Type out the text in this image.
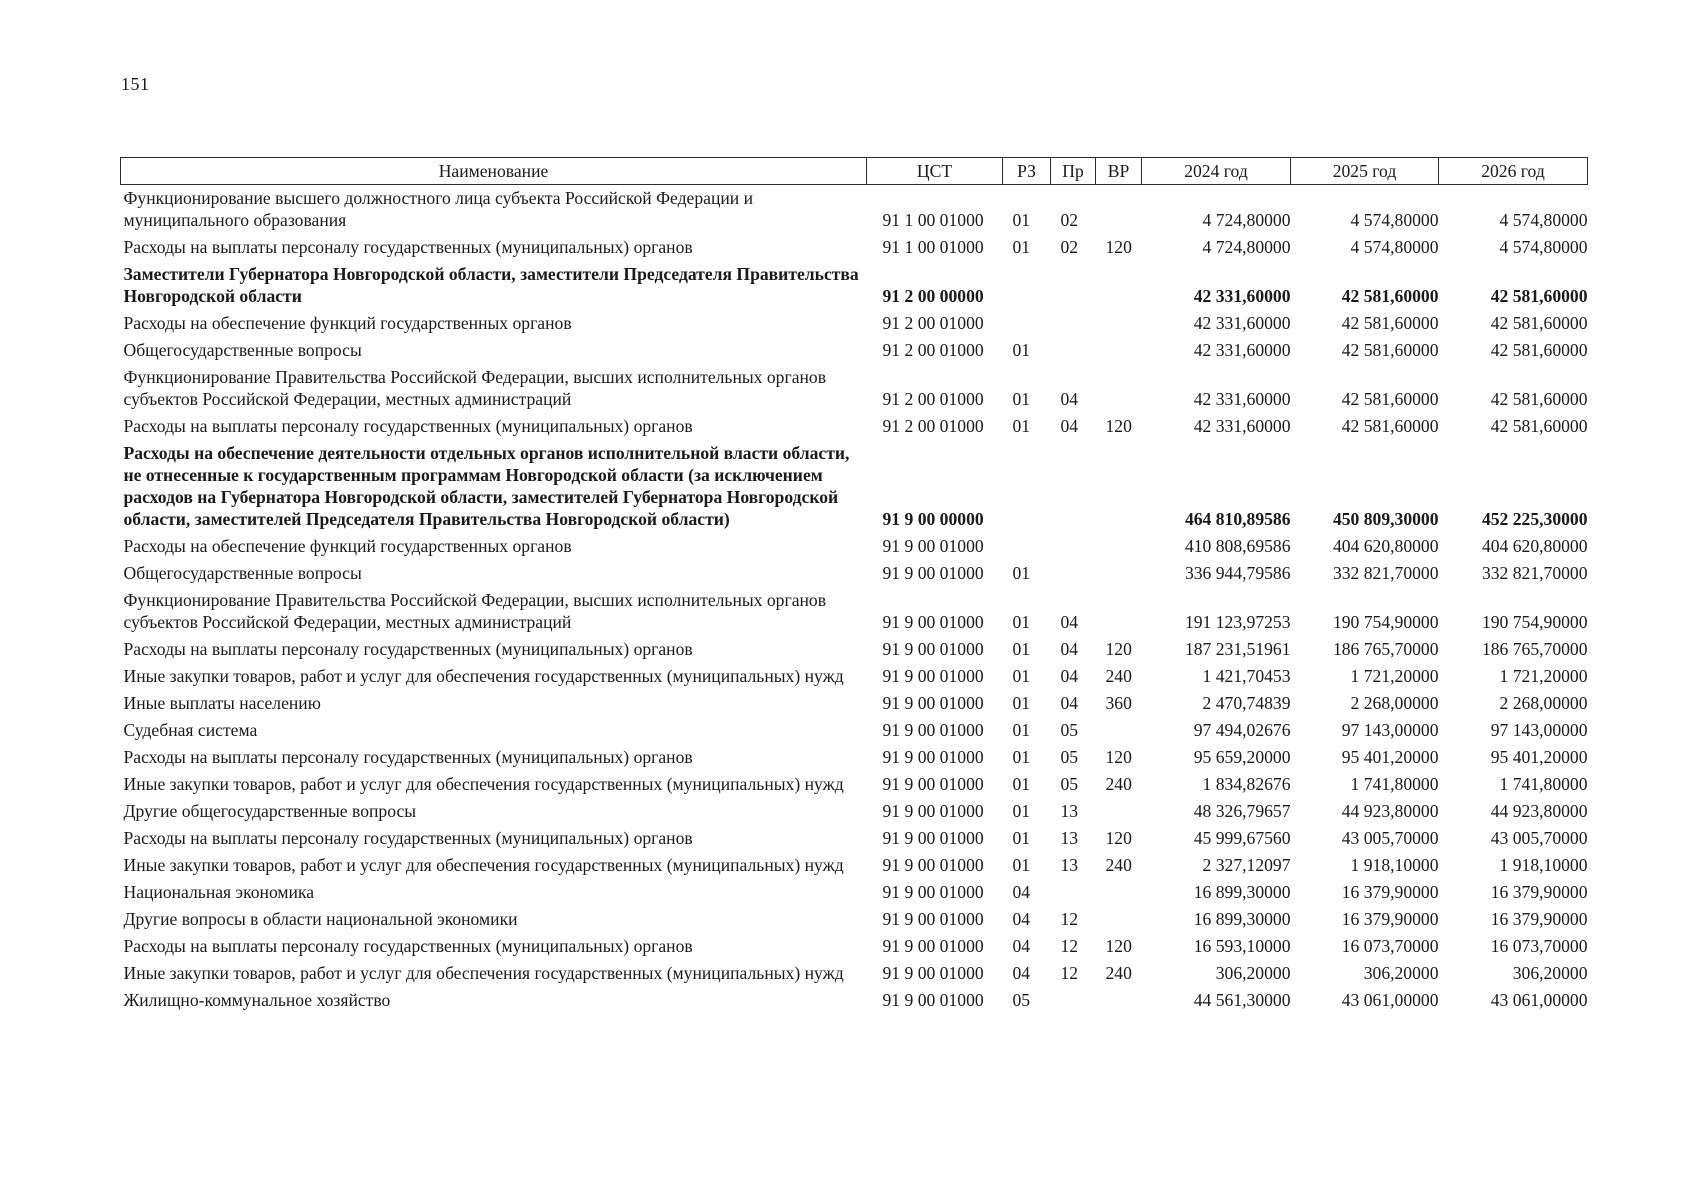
151
Наименование	ЦСТ	РЗ	Пр	ВР	2024 год	2025 год	2026 год
Функционирование высшего должностного лица субъекта Российской Федерации и муниципального образования	91 1 00 01000	01	02		4 724,80000	4 574,80000	4 574,80000
Расходы на выплаты персоналу государственных (муниципальных) органов	91 1 00 01000	01	02	120	4 724,80000	4 574,80000	4 574,80000
Заместители Губернатора Новгородской области, заместители Председателя Правительства Новгородской области	91 2 00 00000				42 331,60000	42 581,60000	42 581,60000
Расходы на обеспечение функций государственных органов	91 2 00 01000				42 331,60000	42 581,60000	42 581,60000
Общегосударственные вопросы	91 2 00 01000	01			42 331,60000	42 581,60000	42 581,60000
Функционирование Правительства Российской Федерации, высших исполнительных органов субъектов Российской Федерации, местных администраций	91 2 00 01000	01	04		42 331,60000	42 581,60000	42 581,60000
Расходы на выплаты персоналу государственных (муниципальных) органов	91 2 00 01000	01	04	120	42 331,60000	42 581,60000	42 581,60000
Расходы на обеспечение деятельности отдельных органов исполнительной власти области, не отнесенные к государственным программам Новгородской области (за исключением расходов на Губернатора Новгородской области, заместителей Губернатора Новгородской области, заместителей Председателя Правительства Новгородской области)	91 9 00 00000				464 810,89586	450 809,30000	452 225,30000
Расходы на обеспечение функций государственных органов	91 9 00 01000				410 808,69586	404 620,80000	404 620,80000
Общегосударственные вопросы	91 9 00 01000	01			336 944,79586	332 821,70000	332 821,70000
Функционирование Правительства Российской Федерации, высших исполнительных органов субъектов Российской Федерации, местных администраций	91 9 00 01000	01	04		191 123,97253	190 754,90000	190 754,90000
Расходы на выплаты персоналу государственных (муниципальных) органов	91 9 00 01000	01	04	120	187 231,51961	186 765,70000	186 765,70000
Иные закупки товаров, работ и услуг для обеспечения государственных (муниципальных) нужд	91 9 00 01000	01	04	240	1 421,70453	1 721,20000	1 721,20000
Иные выплаты населению	91 9 00 01000	01	04	360	2 470,74839	2 268,00000	2 268,00000
Судебная система	91 9 00 01000	01	05		97 494,02676	97 143,00000	97 143,00000
Расходы на выплаты персоналу государственных (муниципальных) органов	91 9 00 01000	01	05	120	95 659,20000	95 401,20000	95 401,20000
Иные закупки товаров, работ и услуг для обеспечения государственных (муниципальных) нужд	91 9 00 01000	01	05	240	1 834,82676	1 741,80000	1 741,80000
Другие общегосударственные вопросы	91 9 00 01000	01	13		48 326,79657	44 923,80000	44 923,80000
Расходы на выплаты персоналу государственных (муниципальных) органов	91 9 00 01000	01	13	120	45 999,67560	43 005,70000	43 005,70000
Иные закупки товаров, работ и услуг для обеспечения государственных (муниципальных) нужд	91 9 00 01000	01	13	240	2 327,12097	1 918,10000	1 918,10000
Национальная экономика	91 9 00 01000	04			16 899,30000	16 379,90000	16 379,90000
Другие вопросы в области национальной экономики	91 9 00 01000	04	12		16 899,30000	16 379,90000	16 379,90000
Расходы на выплаты персоналу государственных (муниципальных) органов	91 9 00 01000	04	12	120	16 593,10000	16 073,70000	16 073,70000
Иные закупки товаров, работ и услуг для обеспечения государственных (муниципальных) нужд	91 9 00 01000	04	12	240	306,20000	306,20000	306,20000
Жилищно-коммунальное хозяйство	91 9 00 01000	05			44 561,30000	43 061,00000	43 061,00000
